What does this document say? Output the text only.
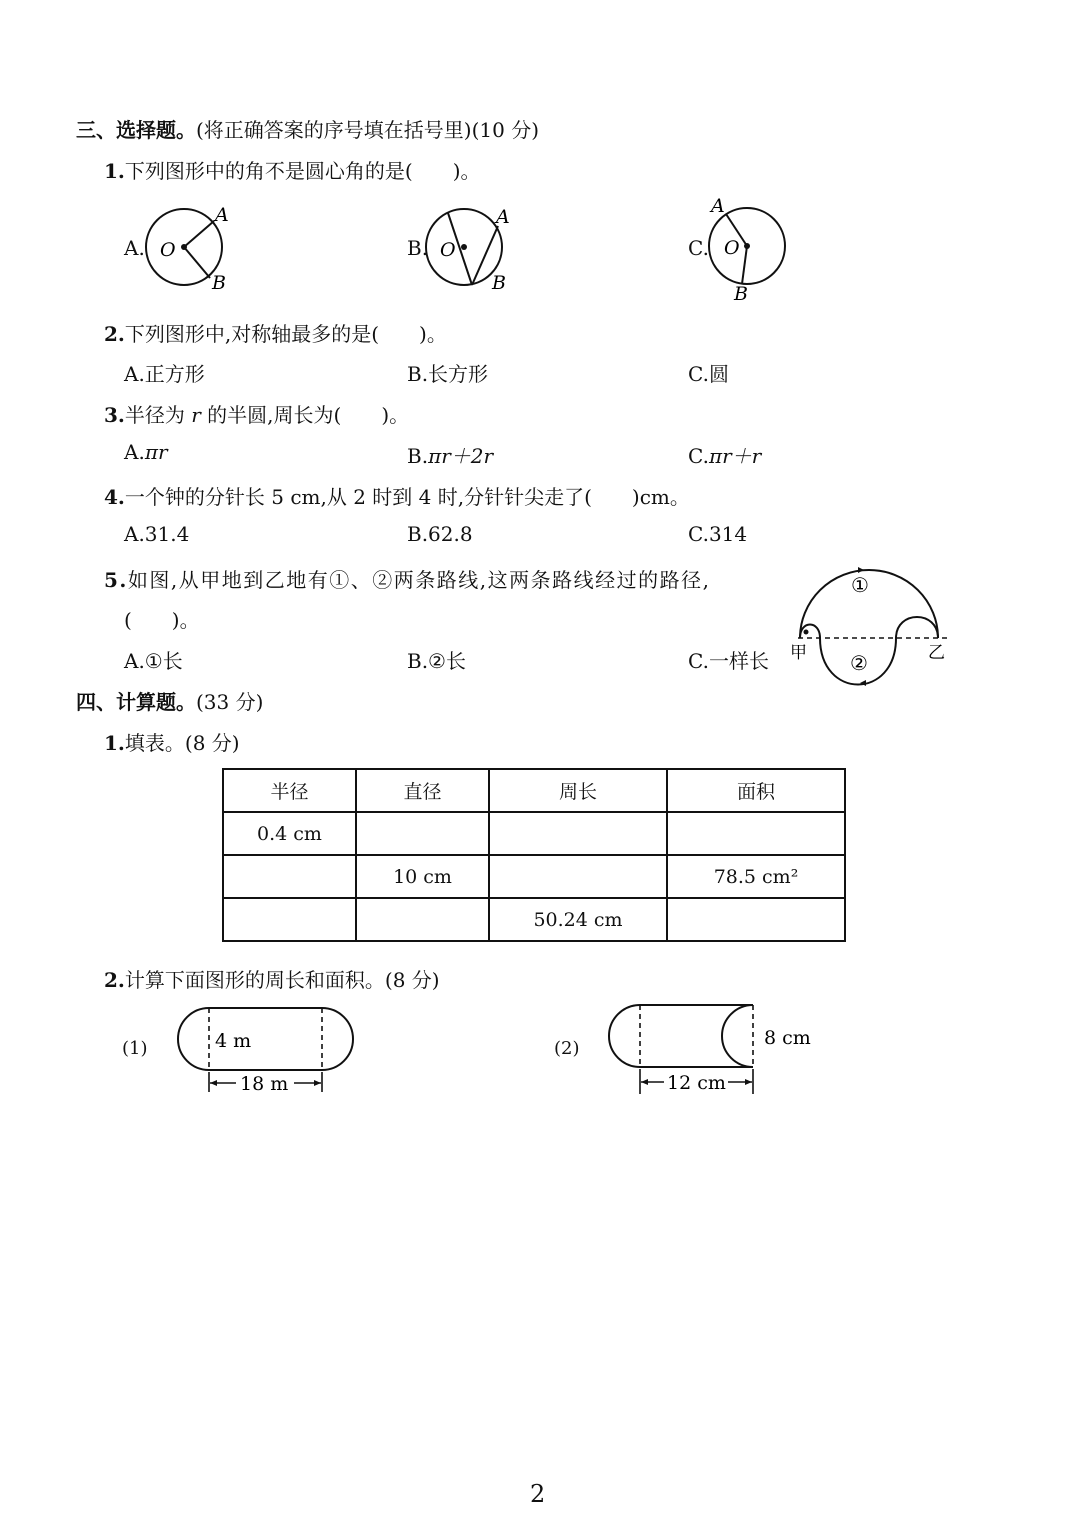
三、选择题。(将正确答案的序号填在括号里)(10 分)
1.下列图形中的角不是圆心角的是(　　)。
A. O
A
B
B. O
A
B
C. O
A
B
2.下列图形中,对称轴最多的是(　　)。
A.正方形	B.长方形	C.圆
3.半径为 r 的半圆,周长为(　　)。
A.πr	B.πr＋2r	C.πr＋r
4.一个钟的分针长 5 cm,从 2 时到 4 时,分针针尖走了(　　)cm。
A.31.4	B.62.8	C.314
5.如图,从甲地到乙地有①、②两条路线,这两条路线经过的路径,
(　　)。
A.①长	B.②长	C.一样长
①
②
甲	乙
四、计算题。(33 分)
1.填表。(8 分)
半径	直径	周长	面积
0.4 cm			
	10 cm		78.5 cm²
		50.24 cm	
2.计算下面图形的周长和面积。(8 分)
(1)	4 m
18 m
(2)	8 cm
12 cm
2
